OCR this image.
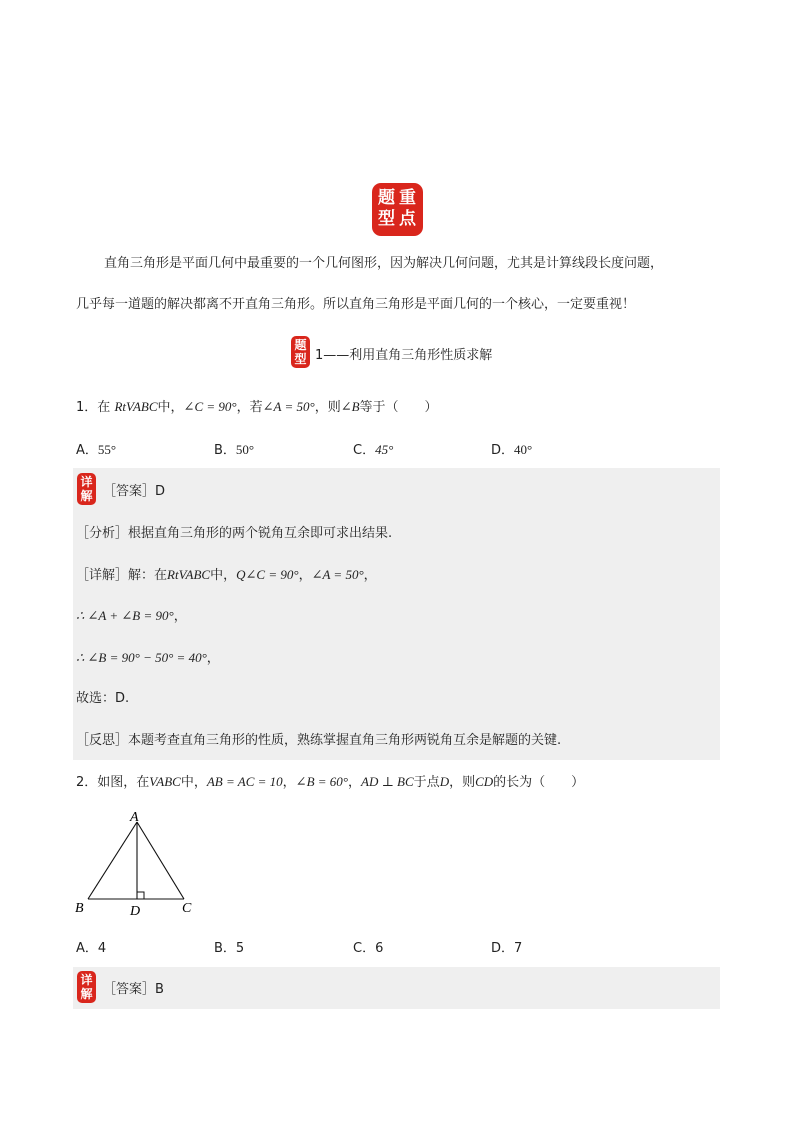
重
点
题
型
直角三角形是平面几何中最重要的一个几何图形，因为解决几何问题，尤其是计算线段长度问题，
几乎每一道题的解决都离不开直角三角形。所以直角三角形是平面几何的一个核心，一定要重视！
题
型 1——利用直角三角形性质求解
1．在 RtVABC中，∠C = 90°，若∠A = 50°，则∠B等于（　　）
A．55°	B．50°	C．45°	D．40°
详
解 ［答案］D
［分析］根据直角三角形的两个锐角互余即可求出结果.
［详解］解：在RtVABC中，Q∠C = 90°，∠A = 50°，
∴ ∠A + ∠B = 90°，
∴ ∠B = 90° − 50° = 40°，
故选：D.
［反思］本题考查直角三角形的性质，熟练掌握直角三角形两锐角互余是解题的关键.
2．如图，在VABC中，AB = AC = 10，∠B = 60°，AD ⊥ BC于点D，则CD的长为（　　）
A
B	D	C
A．4	B．5	C．6	D．7
详
解 ［答案］B
